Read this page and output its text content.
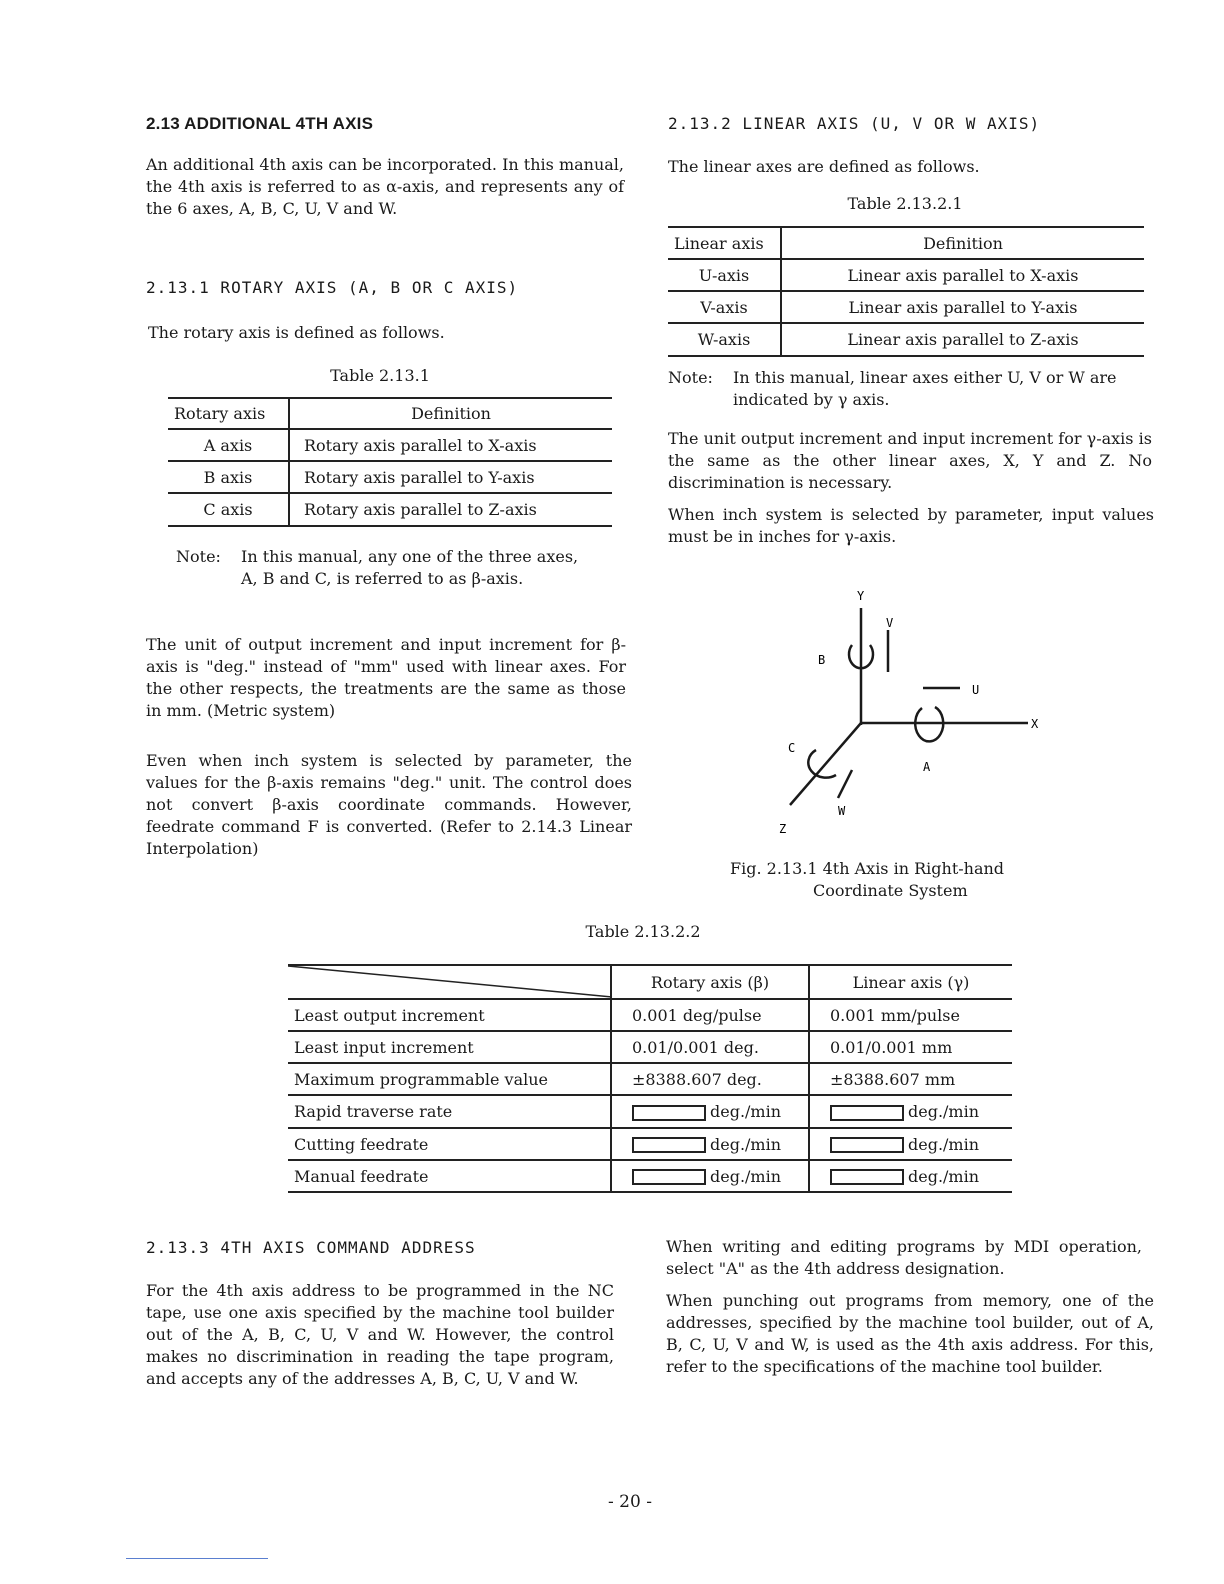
2.13 ADDITIONAL 4TH AXIS
An additional 4th axis can be incorporated. In this manual, the 4th axis is referred to as α-axis, and represents any of the 6 axes, A, B, C, U, V and W.
2.13.1 ROTARY AXIS (A, B OR C AXIS)
The rotary axis is defined as follows.
Table 2.13.1
Rotary axis	Definition
A axis	Rotary axis parallel to X-axis
B axis	Rotary axis parallel to Y-axis
C axis	Rotary axis parallel to Z-axis
Note:	In this manual, any one of the three axes, A, B and C, is referred to as β-axis.
The unit of output increment and input increment for β-axis is "deg." instead of "mm" used with linear axes. For the other respects, the treatments are the same as those in mm. (Metric system)
Even when inch system is selected by parameter, the values for the β-axis remains "deg." unit. The control does not convert β-axis coordinate commands. However, feedrate command F is converted. (Refer to 2.14.3 Linear Interpolation)
2.13.2 LINEAR AXIS (U, V OR W AXIS)
The linear axes are defined as follows.
Table 2.13.2.1
Linear axis	Definition
U-axis	Linear axis parallel to X-axis
V-axis	Linear axis parallel to Y-axis
W-axis	Linear axis parallel to Z-axis
Note:	In this manual, linear axes either U, V or W are indicated by γ axis.
The unit output increment and input increment for γ-axis is the same as the other linear axes, X, Y and Z. No discrimination is necessary.
When inch system is selected by parameter, input values must be in inches for γ-axis.
Y
V
B
U
X
C
A
W
Z
Fig. 2.13.1 4th Axis in Right-hand
Coordinate System
Table 2.13.2.2
	Rotary axis (β)	Linear axis (γ)
Least output increment	0.001 deg/pulse	0.001 mm/pulse
Least input increment	0.01/0.001 deg.	0.01/0.001 mm
Maximum programmable value	±8388.607 deg.	±8388.607 mm
Rapid traverse rate	deg./min	deg./min
Cutting feedrate	deg./min	deg./min
Manual feedrate	deg./min	deg./min
2.13.3 4TH AXIS COMMAND ADDRESS
For the 4th axis address to be programmed in the NC tape, use one axis specified by the machine tool builder out of the A, B, C, U, V and W. However, the control makes no discrimination in reading the tape program, and accepts any of the addresses A, B, C, U, V and W.
When writing and editing programs by MDI operation, select "A" as the 4th address designation.
When punching out programs from memory, one of the addresses, specified by the machine tool builder, out of A, B, C, U, V and W, is used as the 4th axis address. For this, refer to the specifications of the machine tool builder.
- 20 -
